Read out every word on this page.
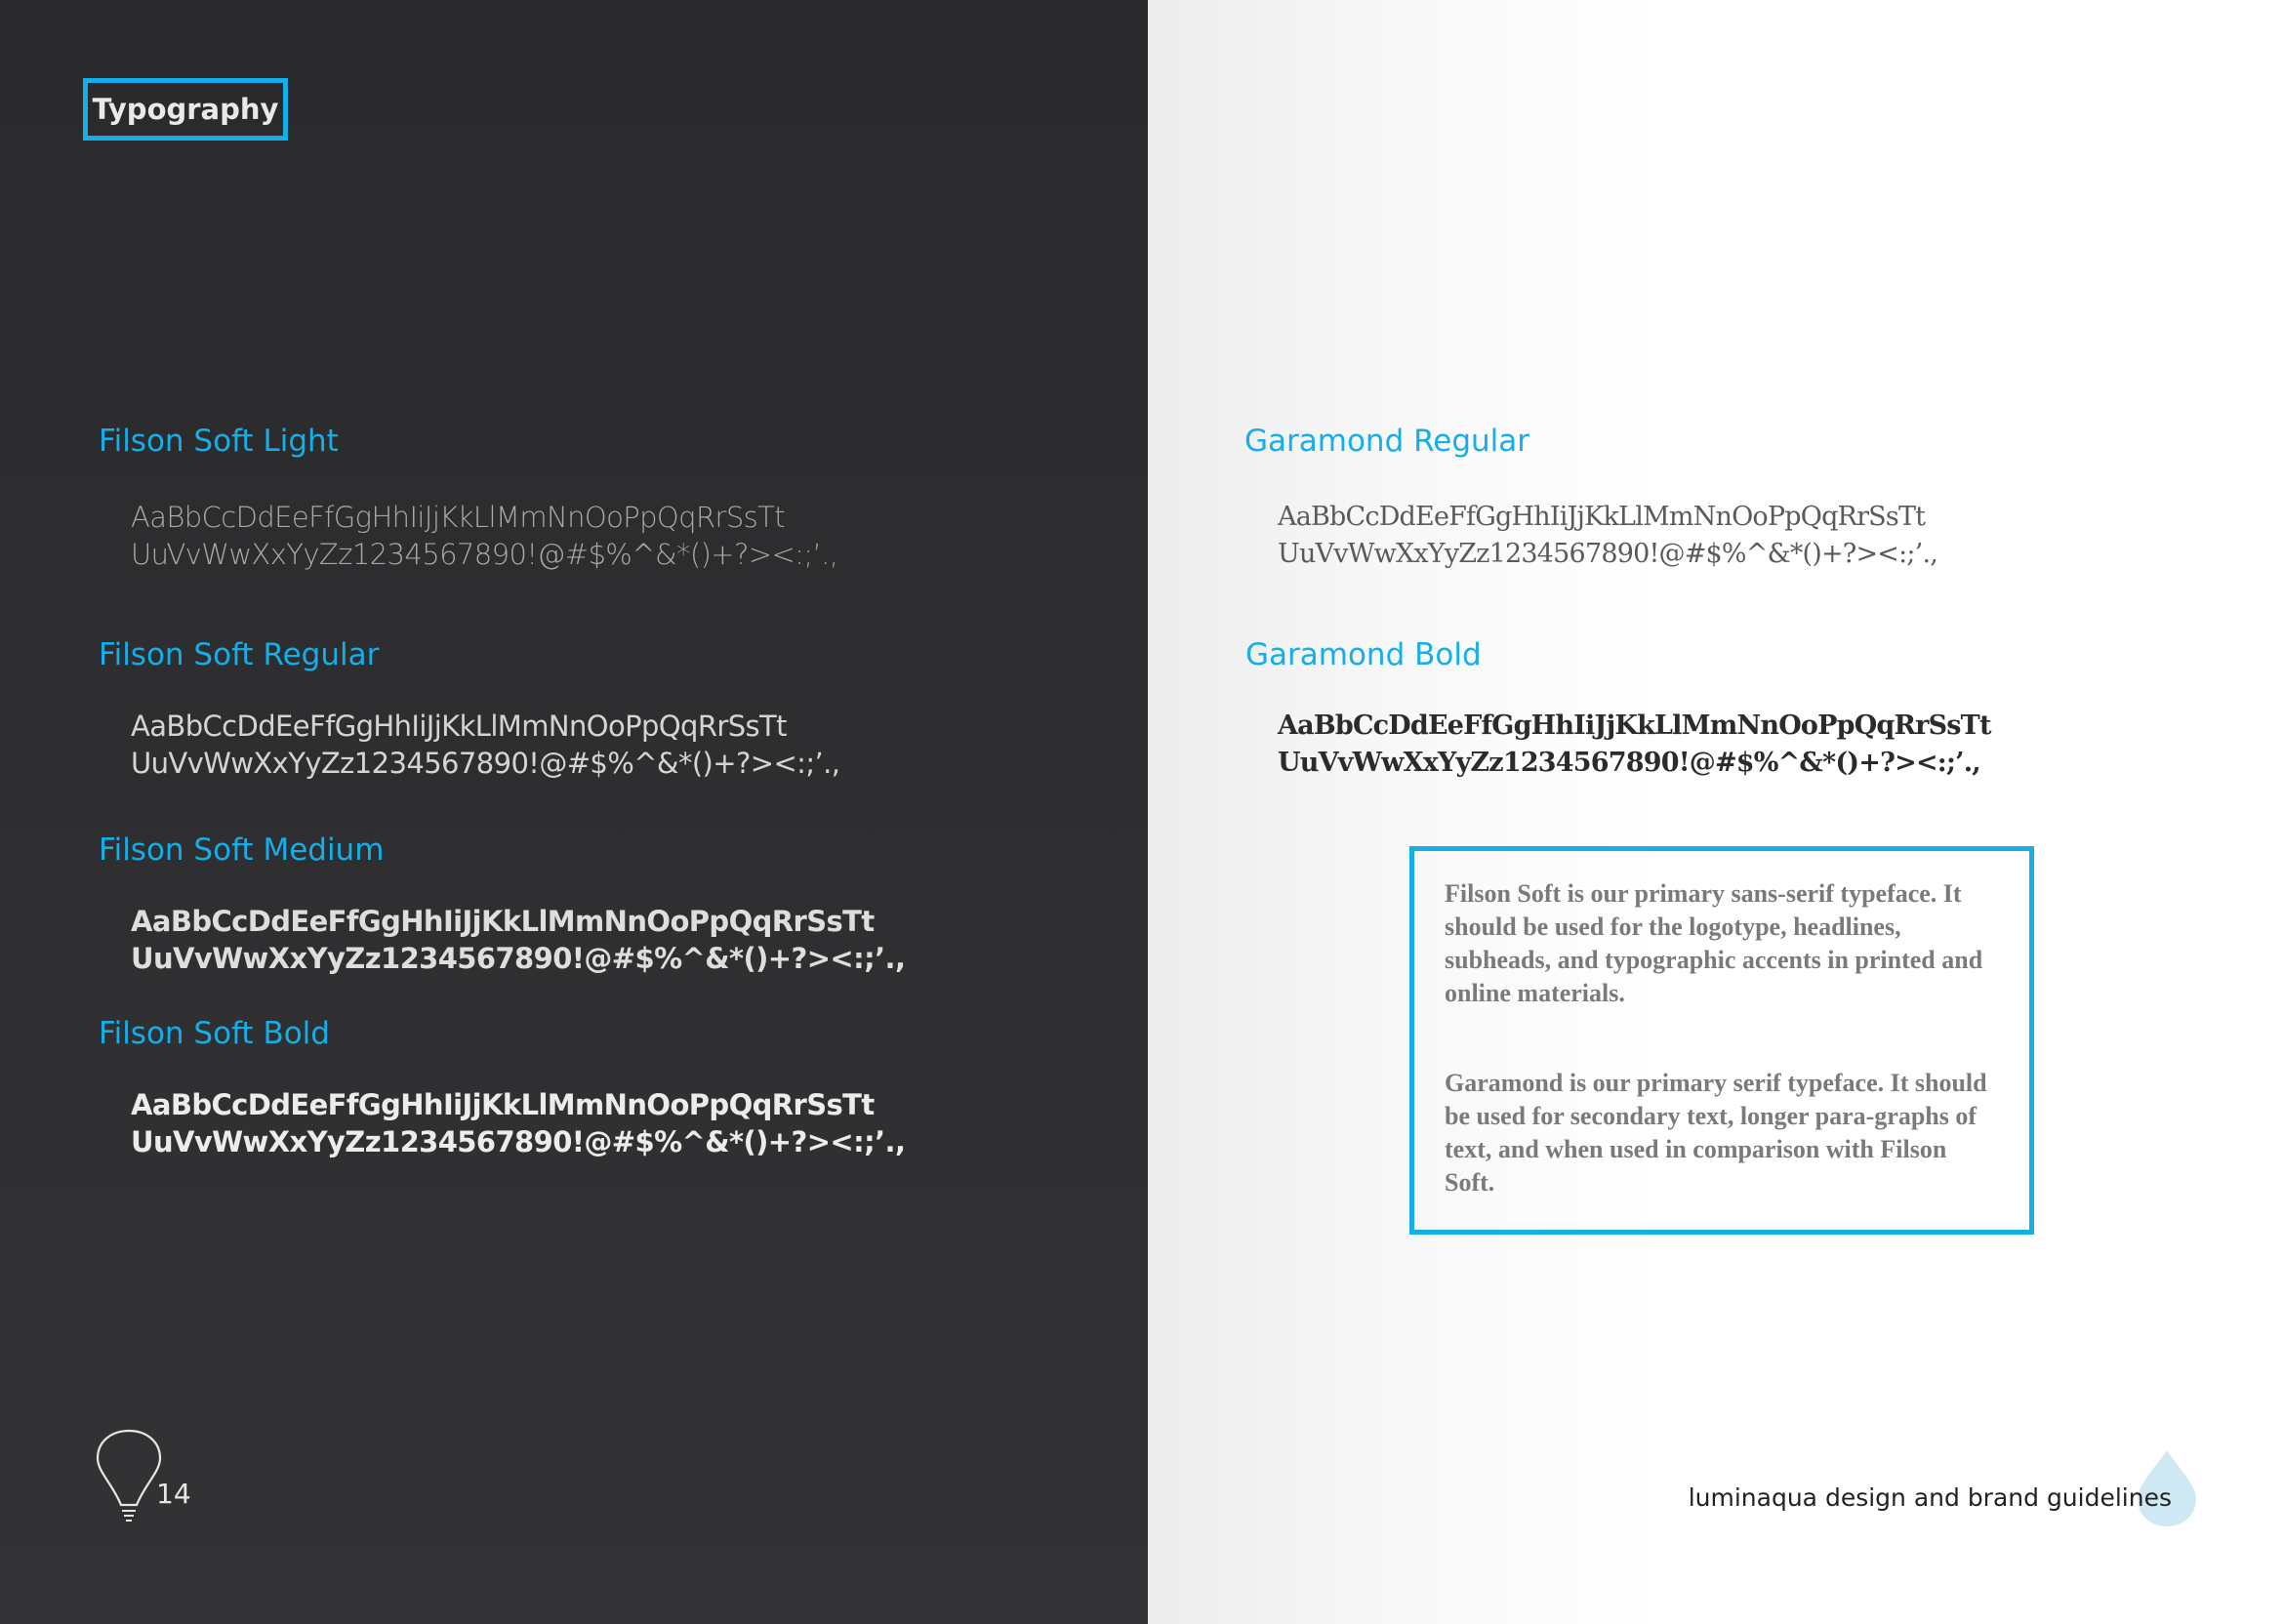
Typography
Filson Soft Light
AaBbCcDdEeFfGgHhIiJjKkLlMmNnOoPpQqRrSsTt
UuVvWwXxYyZz1234567890!@#$%^&*()+?><:;’.,
Filson Soft Regular
AaBbCcDdEeFfGgHhIiJjKkLlMmNnOoPpQqRrSsTt
UuVvWwXxYyZz1234567890!@#$%^&*()+?><:;’.,
Filson Soft Medium
AaBbCcDdEeFfGgHhIiJjKkLlMmNnOoPpQqRrSsTt
UuVvWwXxYyZz1234567890!@#$%^&*()+?><:;’.,
Filson Soft Bold
AaBbCcDdEeFfGgHhIiJjKkLlMmNnOoPpQqRrSsTt
UuVvWwXxYyZz1234567890!@#$%^&*()+?><:;’.,
14
Garamond Regular
AaBbCcDdEeFfGgHhIiJjKkLlMmNnOoPpQqRrSsTt
UuVvWwXxYyZz1234567890!@#$%^&*()+?><:;’.,
Garamond Bold
AaBbCcDdEeFfGgHhIiJjKkLlMmNnOoPpQqRrSsTt
UuVvWwXxYyZz1234567890!@#$%^&*()+?><:;’.,

Filson Soft is our primary sans-serif typeface. It should be used for the logotype, headlines, subheads, and typographic accents in printed and online materials.

Garamond is our primary serif typeface. It should be used for secondary text, longer para-graphs of text, and when used in comparison with Filson Soft.

luminaqua design and brand guidelines
